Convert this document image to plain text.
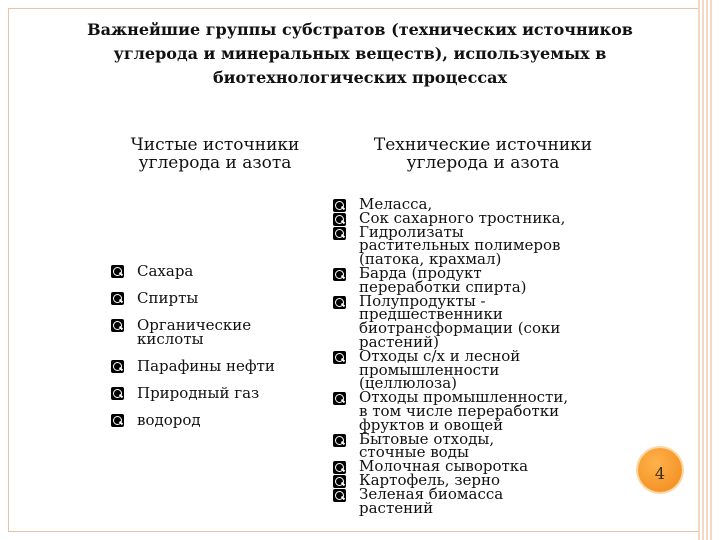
Важнейшие группы субстратов (технических источников углерода и минеральных веществ), используемых в биотехнологических процессах
Чистые источники
углерода и азота
Технические источники
углерода и азота
Сахара
Спирты
Органические
кислоты
Парафины нефти
Природный газ
водород
Меласса,
Сок сахарного тростника,
Гидролизаты
растительных полимеров
(патока, крахмал)
Барда (продукт
переработки спирта)
Полупродукты -
предшественники
биотрансформации (соки
растений)
Отходы с/х и лесной
промышленности
(целлюлоза)
Отходы промышленности,
в том числе переработки
фруктов и овощей
Бытовые отходы,
сточные воды
Молочная сыворотка
Картофель, зерно
Зеленая биомасса
растений
4
